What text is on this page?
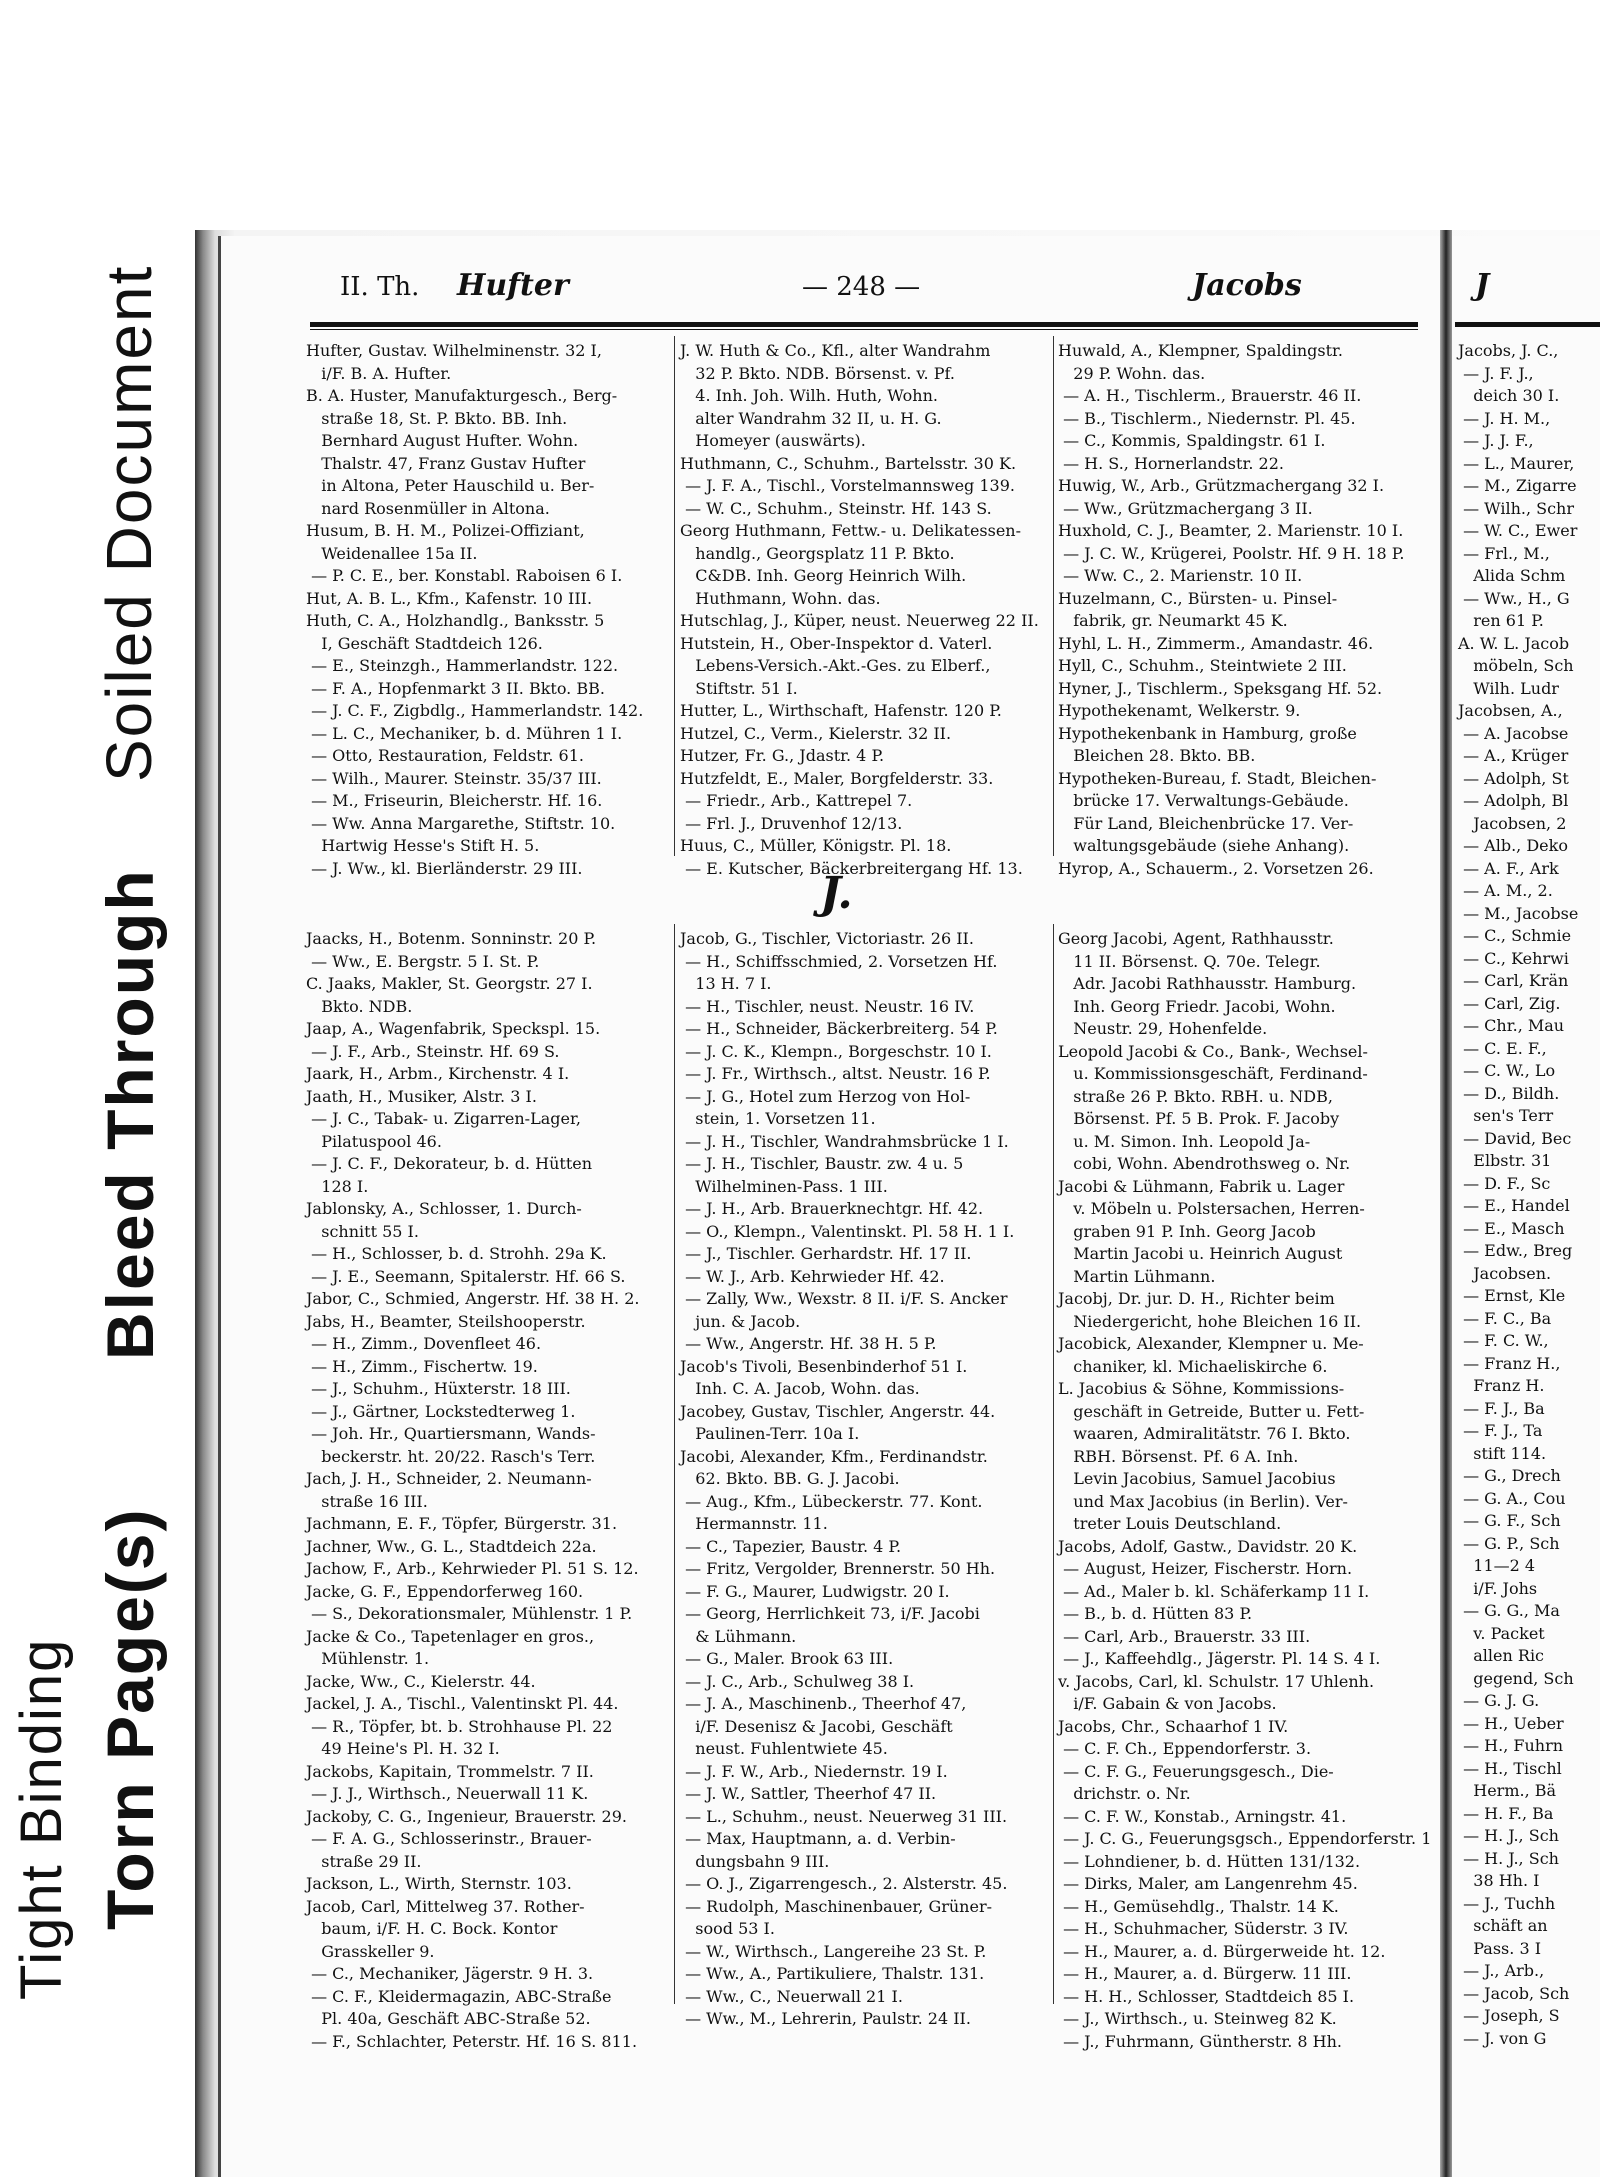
Tight Binding Torn Page(s)
Bleed Through
Soiled Document	II. Th. Hufter	— 248 —	Jacobs
Hufter, Gustav. Wilhelminenstr. 32 I,
i/F. B. A. Hufter.
B. A. Huster, Manufakturgesch., Berg-
straße 18, St. P. Bkto. BB. Inh.
Bernhard August Hufter. Wohn.
Thalstr. 47, Franz Gustav Hufter
in Altona, Peter Hauschild u. Ber-
nard Rosenmüller in Altona.
Husum, B. H. M., Polizei-Offiziant,
Weidenallee 15a II.
— P. C. E., ber. Konstabl. Raboisen 6 I.
Hut, A. B. L., Kfm., Kafenstr. 10 III.
Huth, C. A., Holzhandlg., Banksstr. 5
I, Geschäft Stadtdeich 126.
— E., Steinzgh., Hammerlandstr. 122.
— F. A., Hopfenmarkt 3 II. Bkto. BB.
— J. C. F., Zigbdlg., Hammerlandstr. 142.
— L. C., Mechaniker, b. d. Mühren 1 I.
— Otto, Restauration, Feldstr. 61.
— Wilh., Maurer. Steinstr. 35/37 III.
— M., Friseurin, Bleicherstr. Hf. 16.
— Ww. Anna Margarethe, Stiftstr. 10.
Hartwig Hesse's Stift H. 5.
— J. Ww., kl. Bierländerstr. 29 III.
J. W. Huth & Co., Kfl., alter Wandrahm
32 P. Bkto. NDB. Börsenst. v. Pf.
4. Inh. Joh. Wilh. Huth, Wohn.
alter Wandrahm 32 II, u. H. G.
Homeyer (auswärts).
Huthmann, C., Schuhm., Bartelsstr. 30 K.
— J. F. A., Tischl., Vorstelmannsweg 139.
— W. C., Schuhm., Steinstr. Hf. 143 S.
Georg Huthmann, Fettw.- u. Delikatessen-
handlg., Georgsplatz 11 P. Bkto.
C&DB. Inh. Georg Heinrich Wilh.
Huthmann, Wohn. das.
Hutschlag, J., Küper, neust. Neuerweg 22 II.
Hutstein, H., Ober-Inspektor d. Vaterl.
Lebens-Versich.-Akt.-Ges. zu Elberf.,
Stiftstr. 51 I.
Hutter, L., Wirthschaft, Hafenstr. 120 P.
Hutzel, C., Verm., Kielerstr. 32 II.
Hutzer, Fr. G., Jdastr. 4 P.
Hutzfeldt, E., Maler, Borgfelderstr. 33.
— Friedr., Arb., Kattrepel 7.
— Frl. J., Druvenhof 12/13.
Huus, C., Müller, Königstr. Pl. 18.
— E. Kutscher, Bäckerbreitergang Hf. 13.
Huwald, A., Klempner, Spaldingstr.
29 P. Wohn. das.
— A. H., Tischlerm., Brauerstr. 46 II.
— B., Tischlerm., Niedernstr. Pl. 45.
— C., Kommis, Spaldingstr. 61 I.
— H. S., Hornerlandstr. 22.
Huwig, W., Arb., Grützmachergang 32 I.
— Ww., Grützmachergang 3 II.
Huxhold, C. J., Beamter, 2. Marienstr. 10 I.
— J. C. W., Krügerei, Poolstr. Hf. 9 H. 18 P.
— Ww. C., 2. Marienstr. 10 II.
Huzelmann, C., Bürsten- u. Pinsel-
fabrik, gr. Neumarkt 45 K.
Hyhl, L. H., Zimmerm., Amandastr. 46.
Hyll, C., Schuhm., Steintwiete 2 III.
Hyner, J., Tischlerm., Speksgang Hf. 52.
Hypothekenamt, Welkerstr. 9.
Hypothekenbank in Hamburg, große
Bleichen 28. Bkto. BB.
Hypotheken-Bureau, f. Stadt, Bleichen-
brücke 17. Verwaltungs-Gebäude.
Für Land, Bleichenbrücke 17. Ver-
waltungsgebäude (siehe Anhang).
Hyrop, A., Schauerm., 2. Vorsetzen 26.
J.
Jaacks, H., Botenm. Sonninstr. 20 P.
— Ww., E. Bergstr. 5 I. St. P.
C. Jaaks, Makler, St. Georgstr. 27 I.
Bkto. NDB.
Jaap, A., Wagenfabrik, Speckspl. 15.
— J. F., Arb., Steinstr. Hf. 69 S.
Jaark, H., Arbm., Kirchenstr. 4 I.
Jaath, H., Musiker, Alstr. 3 I.
— J. C., Tabak- u. Zigarren-Lager,
Pilatuspool 46.
— J. C. F., Dekorateur, b. d. Hütten
128 I.
Jablonsky, A., Schlosser, 1. Durch-
schnitt 55 I.
— H., Schlosser, b. d. Strohh. 29a K.
— J. E., Seemann, Spitalerstr. Hf. 66 S.
Jabor, C., Schmied, Angerstr. Hf. 38 H. 2.
Jabs, H., Beamter, Steilshooperstr.
— H., Zimm., Dovenfleet 46.
— H., Zimm., Fischertw. 19.
— J., Schuhm., Hüxterstr. 18 III.
— J., Gärtner, Lockstedterweg 1.
— Joh. Hr., Quartiersmann, Wands-
beckerstr. ht. 20/22. Rasch's Terr.
Jach, J. H., Schneider, 2. Neumann-
straße 16 III.
Jachmann, E. F., Töpfer, Bürgerstr. 31.
Jachner, Ww., G. L., Stadtdeich 22a.
Jachow, F., Arb., Kehrwieder Pl. 51 S. 12.
Jacke, G. F., Eppendorferweg 160.
— S., Dekorationsmaler, Mühlenstr. 1 P.
Jacke & Co., Tapetenlager en gros.,
Mühlenstr. 1.
Jacke, Ww., C., Kielerstr. 44.
Jackel, J. A., Tischl., Valentinskt Pl. 44.
— R., Töpfer, bt. b. Strohhause Pl. 22
49 Heine's Pl. H. 32 I.
Jackobs, Kapitain, Trommelstr. 7 II.
— J. J., Wirthsch., Neuerwall 11 K.
Jackoby, C. G., Ingenieur, Brauerstr. 29.
— F. A. G., Schlosserinstr., Brauer-
straße 29 II.
Jackson, L., Wirth, Sternstr. 103.
Jacob, Carl, Mittelweg 37. Rother-
baum, i/F. H. C. Bock. Kontor
Grasskeller 9.
— C., Mechaniker, Jägerstr. 9 H. 3.
— C. F., Kleidermagazin, ABC-Straße
Pl. 40a, Geschäft ABC-Straße 52.
— F., Schlachter, Peterstr. Hf. 16 S. 811.
Jacob, G., Tischler, Victoriastr. 26 II.
— H., Schiffsschmied, 2. Vorsetzen Hf.
13 H. 7 I.
— H., Tischler, neust. Neustr. 16 IV.
— H., Schneider, Bäckerbreiterg. 54 P.
— J. C. K., Klempn., Borgeschstr. 10 I.
— J. Fr., Wirthsch., altst. Neustr. 16 P.
— J. G., Hotel zum Herzog von Hol-
stein, 1. Vorsetzen 11.
— J. H., Tischler, Wandrahmsbrücke 1 I.
— J. H., Tischler, Baustr. zw. 4 u. 5
Wilhelminen-Pass. 1 III.
— J. H., Arb. Brauerknechtgr. Hf. 42.
— O., Klempn., Valentinskt. Pl. 58 H. 1 I.
— J., Tischler. Gerhardstr. Hf. 17 II.
— W. J., Arb. Kehrwieder Hf. 42.
— Zally, Ww., Wexstr. 8 II. i/F. S. Ancker
jun. & Jacob.
— Ww., Angerstr. Hf. 38 H. 5 P.
Jacob's Tivoli, Besenbinderhof 51 I.
Inh. C. A. Jacob, Wohn. das.
Jacobey, Gustav, Tischler, Angerstr. 44.
Paulinen-Terr. 10a I.
Jacobi, Alexander, Kfm., Ferdinandstr.
62. Bkto. BB. G. J. Jacobi.
— Aug., Kfm., Lübeckerstr. 77. Kont.
Hermannstr. 11.
— C., Tapezier, Baustr. 4 P.
— Fritz, Vergolder, Brennerstr. 50 Hh.
— F. G., Maurer, Ludwigstr. 20 I.
— Georg, Herrlichkeit 73, i/F. Jacobi
& Lühmann.
— G., Maler. Brook 63 III.
— J. C., Arb., Schulweg 38 I.
— J. A., Maschinenb., Theerhof 47,
i/F. Desenisz & Jacobi, Geschäft
neust. Fuhlentwiete 45.
— J. F. W., Arb., Niedernstr. 19 I.
— J. W., Sattler, Theerhof 47 II.
— L., Schuhm., neust. Neuerweg 31 III.
— Max, Hauptmann, a. d. Verbin-
dungsbahn 9 III.
— O. J., Zigarrengesch., 2. Alsterstr. 45.
— Rudolph, Maschinenbauer, Grüner-
sood 53 I.
— W., Wirthsch., Langereihe 23 St. P.
— Ww., A., Partikuliere, Thalstr. 131.
— Ww., C., Neuerwall 21 I.
— Ww., M., Lehrerin, Paulstr. 24 II.
Georg Jacobi, Agent, Rathhausstr.
11 II. Börsenst. Q. 70e. Telegr.
Adr. Jacobi Rathhausstr. Hamburg.
Inh. Georg Friedr. Jacobi, Wohn.
Neustr. 29, Hohenfelde.
Leopold Jacobi & Co., Bank-, Wechsel-
u. Kommissionsgeschäft, Ferdinand-
straße 26 P. Bkto. RBH. u. NDB,
Börsenst. Pf. 5 B. Prok. F. Jacoby
u. M. Simon. Inh. Leopold Ja-
cobi, Wohn. Abendrothsweg o. Nr.
Jacobi & Lühmann, Fabrik u. Lager
v. Möbeln u. Polstersachen, Herren-
graben 91 P. Inh. Georg Jacob
Martin Jacobi u. Heinrich August
Martin Lühmann.
Jacobj, Dr. jur. D. H., Richter beim
Niedergericht, hohe Bleichen 16 II.
Jacobick, Alexander, Klempner u. Me-
chaniker, kl. Michaeliskirche 6.
L. Jacobius & Söhne, Kommissions-
geschäft in Getreide, Butter u. Fett-
waaren, Admiralitätstr. 76 I. Bkto.
RBH. Börsenst. Pf. 6 A. Inh.
Levin Jacobius, Samuel Jacobius
und Max Jacobius (in Berlin). Ver-
treter Louis Deutschland.
Jacobs, Adolf, Gastw., Davidstr. 20 K.
— August, Heizer, Fischerstr. Horn.
— Ad., Maler b. kl. Schäferkamp 11 I.
— B., b. d. Hütten 83 P.
— Carl, Arb., Brauerstr. 33 III.
— J., Kaffeehdlg., Jägerstr. Pl. 14 S. 4 I.
v. Jacobs, Carl, kl. Schulstr. 17 Uhlenh.
i/F. Gabain & von Jacobs.
Jacobs, Chr., Schaarhof 1 IV.
— C. F. Ch., Eppendorferstr. 3.
— C. F. G., Feuerungsgesch., Die-
drichstr. o. Nr.
— C. F. W., Konstab., Arningstr. 41.
— J. C. G., Feuerungsgsch., Eppendorferstr. 1
— Lohndiener, b. d. Hütten 131/132.
— Dirks, Maler, am Langenrehm 45.
— H., Gemüsehdlg., Thalstr. 14 K.
— H., Schuhmacher, Süderstr. 3 IV.
— H., Maurer, a. d. Bürgerweide ht. 12.
— H., Maurer, a. d. Bürgerw. 11 III.
— H. H., Schlosser, Stadtdeich 85 I.
— J., Wirthsch., u. Steinweg 82 K.
— J., Fuhrmann, Güntherstr. 8 Hh.
J
Jacobs, J. C.,
— J. F. J.,
deich 30 I.
— J. H. M.,
— J. J. F.,
— L., Maurer,
— M., Zigarre
— Wilh., Schr
— W. C., Ewer
— Frl., M.,
Alida Schm
— Ww., H., G
ren 61 P.
A. W. L. Jacob
möbeln, Sch
Wilh. Ludr
Jacobsen, A.,
— A. Jacobse
— A., Krüger
— Adolph, St
— Adolph, Bl
Jacobsen, 2
— Alb., Deko
— A. F., Ark
— A. M., 2.
— M., Jacobse
— C., Schmie
— C., Kehrwi
— Carl, Krän
— Carl, Zig.
— Chr., Mau
— C. E. F.,
— C. W., Lo
— D., Bildh.
sen's Terr
— David, Bec
Elbstr. 31
— D. F., Sc
— E., Handel
— E., Masch
— Edw., Breg
Jacobsen.
— Ernst, Kle
— F. C., Ba
— F. C. W.,
— Franz H.,
Franz H.
— F. J., Ba
— F. J., Ta
stift 114.
— G., Drech
— G. A., Cou
— G. F., Sch
— G. P., Sch
11—2 4
i/F. Johs
— G. G., Ma
v. Packet
allen Ric
gegend, Sch
— G. J. G.
— H., Ueber
— H., Fuhrn
— H., Tischl
Herm., Bä
— H. F., Ba
— H. J., Sch
— H. J., Sch
38 Hh. I
— J., Tuchh
schäft an
Pass. 3 I
— J., Arb.,
— Jacob, Sch
— Joseph, S
— J. von G
